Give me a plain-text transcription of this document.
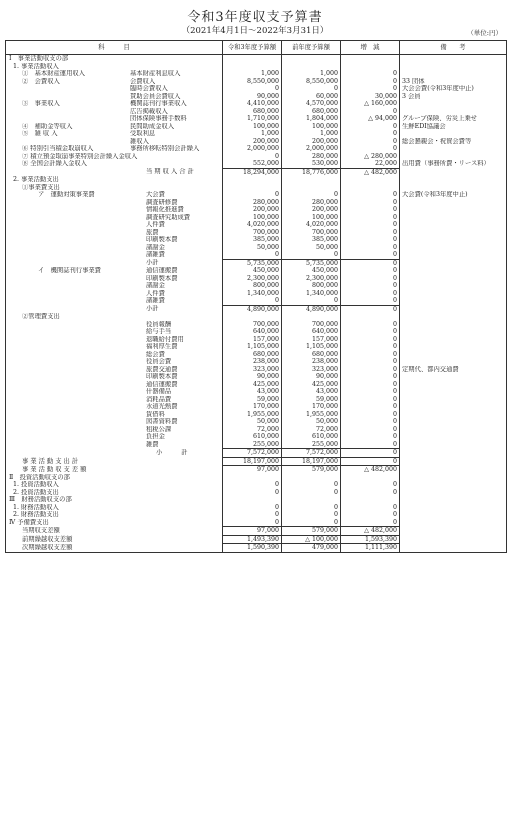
令和3年度収支予算書
（2021年4月1日～2022年3月31日）	（単位:円）
科　　　目	令和3年度予算額	前年度予算額	増　減	備　　考

Ⅰ　事業活動収支の部				

1. 事業活動収入				

①　基本財産運用収入 基本財産利息収入	1,000	1,000	0	

②　会費収入 会費収入	8,550,000	8,550,000	0	33 団体

臨時会費収入	0	0	0	大会会費(令和3年度中止)

賛助会員会費収入	90,000	60,000	30,000	3 会員

③　事業収入 機関誌刊行事業収入	4,410,000	4,570,000	△ 160,000	

広告掲載収入	680,000	680,000	0	

団体保険事務手数料	1,710,000	1,804,000	△ 94,000	グループ保険、労災上乗せ

④　補助金等収入 民間助成金収入	100,000	100,000	0	生鮮EDI協議会

⑤　雑 収 入 受取利息	1,000	1,000	0	

雑収入	200,000	200,000	0	総会懇親会・祝賀会費等

⑥ 特別引当積金取崩収入 事務所移転特別会計繰入	2,000,000	2,000,000	0	

⑦ 積立預金取崩事業特別会計繰入金収入	0	280,000	△ 280,000	

⑧ 全国会計繰入金収入	552,000	530,000	22,000	出用費（事務所費・リース料）

当 期 収 入 合 計	18,294,000	18,776,000	△ 482,000	

2. 事業活動支出				

①事業費支出				

ア　運動対策事業費 大会費	0	0	0	大会費(令和3年度中止)

調査研修費	280,000	280,000	0	

情報化推進費	200,000	200,000	0	

調査研究助成費	100,000	100,000	0	

人件費	4,020,000	4,020,000	0	

旅費	700,000	700,000	0	

印刷製本費	385,000	385,000	0	

諸謝金	50,000	50,000	0	

諸雑費	0	0	0	

小計	5,735,000	5,735,000	0	

イ　機関誌刊行事業費 通信運搬費	450,000	450,000	0	

印刷製本費	2,300,000	2,300,000	0	

諸謝金	800,000	800,000	0	

人件費	1,340,000	1,340,000	0	

諸雑費	0	0	0	

小計	4,890,000	4,890,000	0	

②管理費支出				

役員報酬	700,000	700,000	0	

給与手当	640,000	640,000	0	

退職給付費用	157,000	157,000	0	

福利厚生費	1,105,000	1,105,000	0	

総会費	680,000	680,000	0	

役員会費	238,000	238,000	0	

旅費交通費	323,000	323,000	0	定期代、都内交通費

印刷製本費	90,000	90,000	0	

通信運搬費	425,000	425,000	0	

什器備品	43,000	43,000	0	

消耗品費	59,000	59,000	0	

水道光熱費	170,000	170,000	0	

賃借料	1,955,000	1,955,000	0	

図書資料費	50,000	50,000	0	

租税公課	72,000	72,000	0	

負担金	610,000	610,000	0	

雑費	255,000	255,000	0	

小　　　計	7,572,000	7,572,000	0	

事 業 活 動 支 出 計	18,197,000	18,197,000	0	

事 業 活 動 収 支 差 額	97,000	579,000	△ 482,000	

Ⅱ　投資活動収支の部				

1. 投資活動収入	0	0	0	

2. 投資活動支出	0	0	0	

Ⅲ　財務活動収支の部				

1. 財務活動収入	0	0	0	

2. 財務活動支出	0	0	0	

Ⅳ 予備費支出	0	0	0	

当期収支差額	97,000	579,000	△ 482,000	

前期繰越収支差額	1,493,390	△ 100,000	1,593,390	

次期繰越収支差額	1,590,390	479,000	1,111,390	
